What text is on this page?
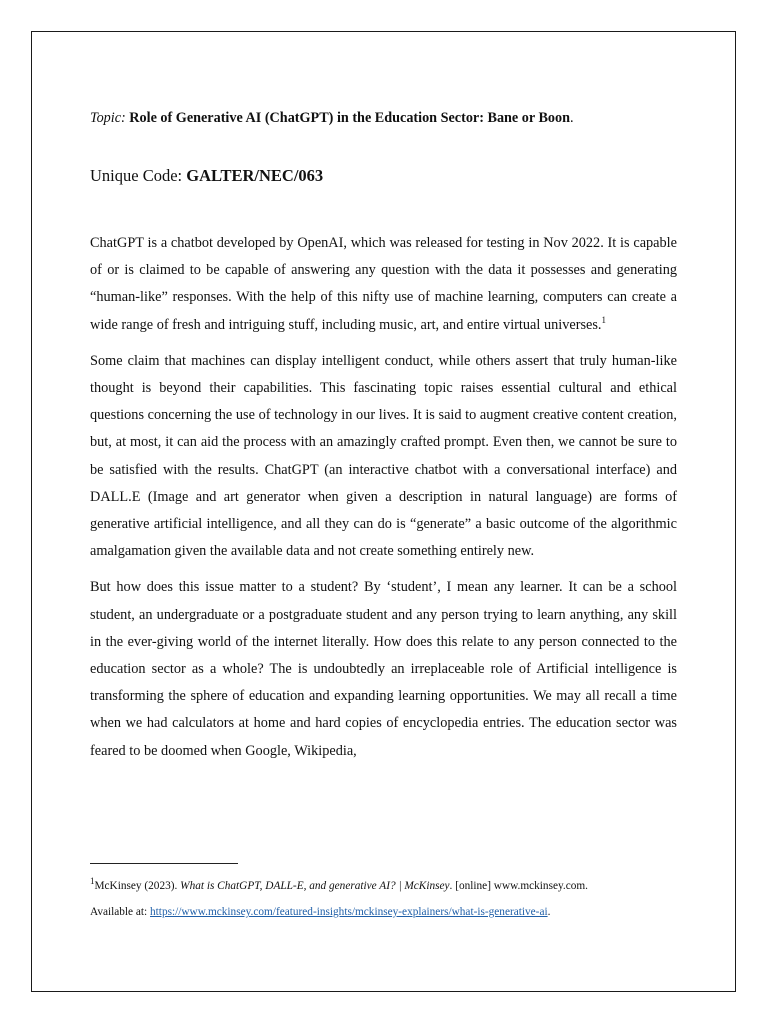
Topic: Role of Generative AI (ChatGPT) in the Education Sector: Bane or Boon.
Unique Code: GALTER/NEC/063

ChatGPT is a chatbot developed by OpenAI, which was released for testing in Nov 2022. It is capable of or is claimed to be capable of answering any question with the data it possesses and generating “human-like” responses. With the help of this nifty use of machine learning, computers can create a wide range of fresh and intriguing stuff, including music, art, and entire virtual universes.$^1$

Some claim that machines can display intelligent conduct, while others assert that truly human-like thought is beyond their capabilities. This fascinating topic raises essential cultural and ethical questions concerning the use of technology in our lives. It is said to augment creative content creation, but, at most, it can aid the process with an amazingly crafted prompt. Even then, we cannot be sure to be satisfied with the results. ChatGPT (an interactive chatbot with a conversational interface) and DALL.E (Image and art generator when given a description in natural language) are forms of generative artificial intelligence, and all they can do is “generate” a basic outcome of the algorithmic amalgamation given the available data and not create something entirely new.

But how does this issue matter to a student? By ‘student’, I mean any learner. It can be a school student, an undergraduate or a postgraduate student and any person trying to learn anything, any skill in the ever-giving world of the internet literally. How does this relate to any person connected to the education sector as a whole? The is undoubtedly an irreplaceable role of Artificial intelligence is transforming the sphere of education and expanding learning opportunities. We may all recall a time when we had calculators at home and hard copies of encyclopedia entries. The education sector was feared to be doomed when Google, Wikipedia,

$^1$McKinsey (2023). What is ChatGPT, DALL-E, and generative AI? | McKinsey. [online] www.mckinsey.com.
Available at: https://www.mckinsey.com/featured-insights/mckinsey-explainers/what-is-generative-ai.
